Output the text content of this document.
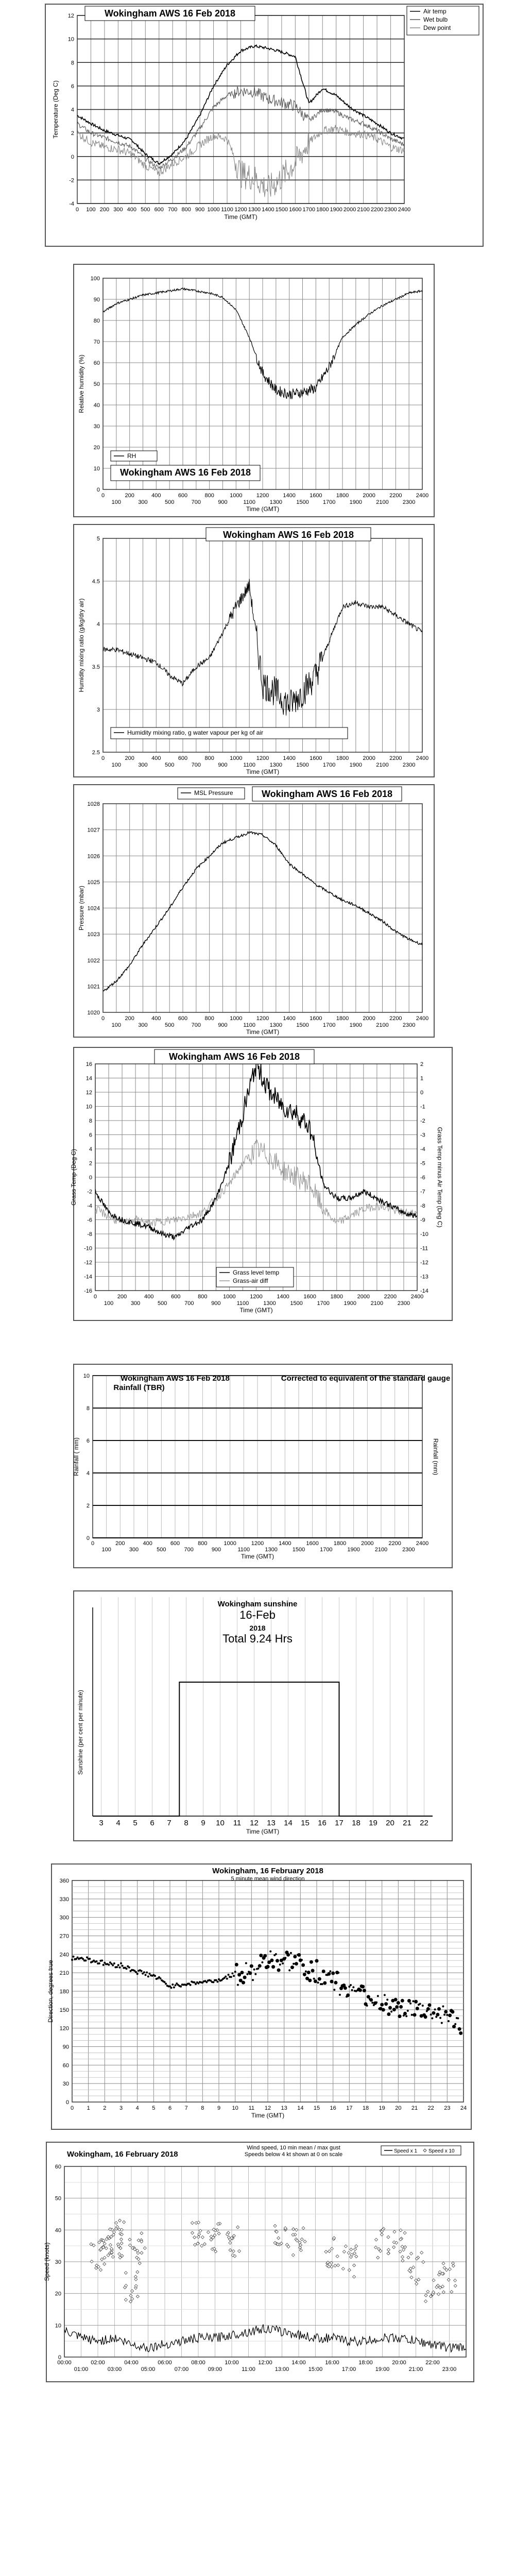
12
10
8
6
4
2
0
-2
-4
0 100 200 300 400 500 600 700 800 900 1000 1100 1200 1300 1400 1500 1600 1700 1800 1900 2000 2100 2200 2300 2400
Time (GMT)
Temperature (Deg C)
Wokingham AWS 16 Feb 2018	Air temp
Wet bulb
Dew point
100
90
80
70
60
50
40
30
20
10
0
0
100
200
300
400
500
600
700
800
900
1000
1100
1200
1300
1400
1500
1600
1700
1800
1900
2000
2100
2200
2300
2400
Time (GMT)
Relative humidity (%)
RH
Wokingham AWS 16 Feb 2018
5
4.5
4
3.5
3
2.5
0
100
200
300
400
500
600
700
800
900
1000
1100
1200
1300
1400
1500
1600
1700
1800
1900
2000
2100
2200
2300
2400
Time (GMT)
Humidity mixing ratio (g/kg/dry air)
Wokingham AWS 16 Feb 2018
Humidity mixing ratio, g water vapour per kg of air
1028
1027
1026
1025
1024
1023
1022
1021
1020
0
100
200
300
400
500
600
700
800
900
1000
1100
1200
1300
1400
1500
1600
1700
1800
1900
2000
2100
2200
2300
2400
Time (GMT)
Pressure (mbar)
MSL Pressure	Wokingham AWS 16 Feb 2018
16
14
12
10
8
6
4
2
0
-2
-4
-6
-8
-10
-12
-14
-16
0
100
200
300
400
500
600
700
800
900
1000
1100
1200
1300
1400
1500
1600
1700
1800
1900
2000
2100
2200
2300
2400
Time (GMT)
Grass Temp (Deg C)
2
1
0
-1
-2
-3
-4
-5
-6
-7
-8
-9
-10
-11
-12
-13
-14
Grass Temp minus Air Temp (Deg C)
Wokingham AWS 16 Feb 2018
Grass level temp
Grass-air diff
10
8
6
4
2
0
0
100
200
300
400
500
600
700
800
900
1000
1100
1200
1300
1400
1500
1600
1700
1800
1900
2000
2100
2200
2300
2400
Time (GMT)
Rainfall ( mm)	Rainfall (mm)
Wokingham AWS 16 Feb 2018
Rainfall (TBR)
Corrected to equivalent of the standard gauge
3 4 5 6 7 8 9 10 11 12 13 14 15 16 17 18 19 20 21 22
Time (GMT)
Sunshine (per cent per minute)
Wokingham sunshine
16-Feb
2018
Total 9.24 Hrs
360
330
300
270
240
210
180
150
120
90
60
30
0
0 1 2 3 4 5 6 7 8 9 10 11 12 13 14 15 16 17 18 19 20 21 22 23 24
Time (GMT)
Direction, degrees true
Wokingham, 16 February 2018
5 minute mean wind direction
60
50
40
30
20
10
0
00:00	02:00	04:00	06:00	08:00	10:00	12:00	14:00	16:00	18:00	20:00	22:00
01:00	03:00	05:00	07:00	09:00	11:00	13:00	15:00	17:00	19:00	21:00	23:00
Speed (knots)
Wokingham, 16 February 2018
Wind speed, 10 min mean / max gust
Speeds below 4 kt shown at 0 on scale
Speed x 1 Speed x 10
